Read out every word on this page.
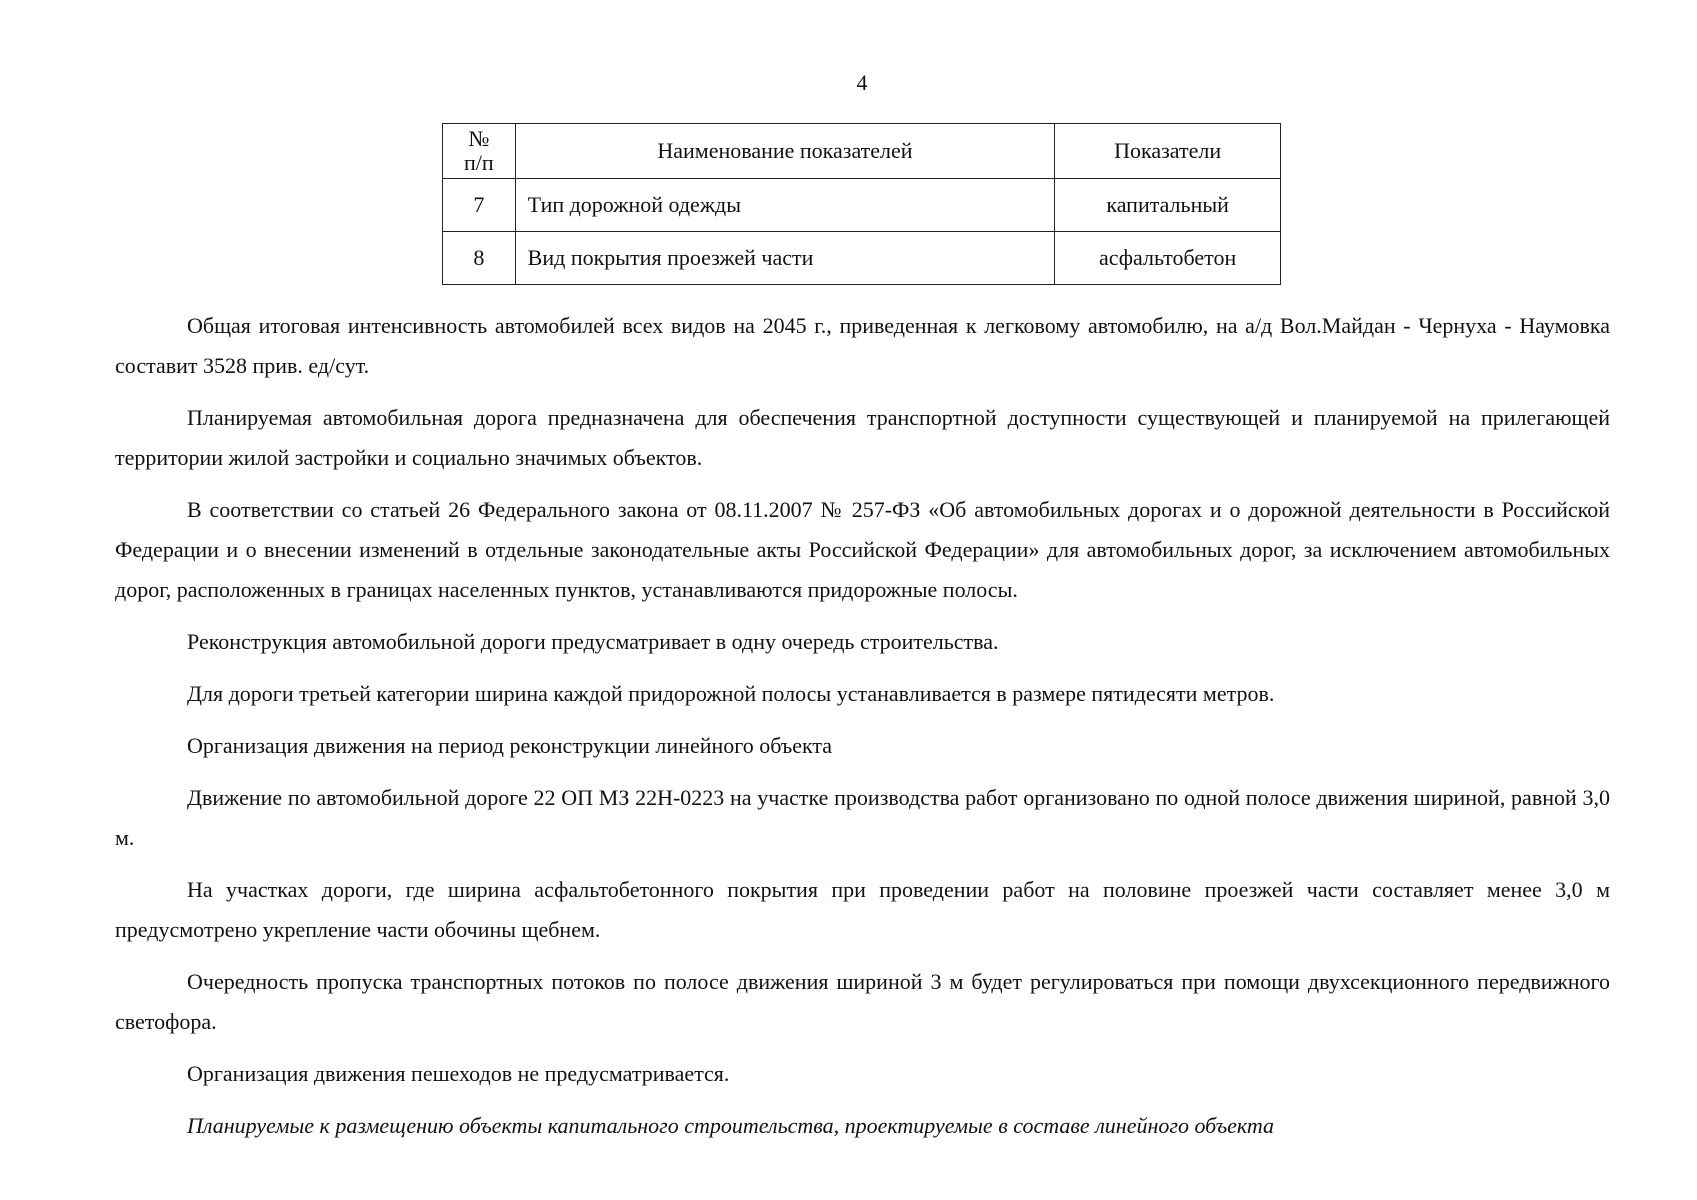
4
№
п/п	Наименование показателей	Показатели
7	Тип дорожной одежды	капитальный
8	Вид покрытия проезжей части	асфальтобетон

Общая итоговая интенсивность автомобилей всех видов на 2045 г., приведенная к легковому автомобилю, на а/д Вол.Майдан - Чернуха - Наумовка составит 3528 прив. ед/сут.

Планируемая автомобильная дорога предназначена для обеспечения транспортной доступности существующей и планируемой на прилегающей территории жилой застройки и социально значимых объектов.

В соответствии со статьей 26 Федерального закона от 08.11.2007 № 257-ФЗ «Об автомобильных дорогах и о дорожной деятельности в Российской Федерации и о внесении изменений в отдельные законодательные акты Российской Федерации» для автомобильных дорог, за исключением автомобильных дорог, расположенных в границах населенных пунктов, устанавливаются придорожные полосы.

Реконструкция автомобильной дороги предусматривает в одну очередь строительства.

Для дороги третьей категории ширина каждой придорожной полосы устанавливается в размере пятидесяти метров.

Организация движения на период реконструкции линейного объекта

Движение по автомобильной дороге 22 ОП МЗ 22Н-0223 на участке производства работ организовано по одной полосе движения шириной, равной 3,0 м.

На участках дороги, где ширина асфальтобетонного покрытия при проведении работ на половине проезжей части составляет менее 3,0 м предусмотрено укрепление части обочины щебнем.

Очередность пропуска транспортных потоков по полосе движения шириной 3 м будет регулироваться при помощи двухсекционного передвижного светофора.

Организация движения пешеходов не предусматривается.

Планируемые к размещению объекты капитального строительства, проектируемые в составе линейного объекта
